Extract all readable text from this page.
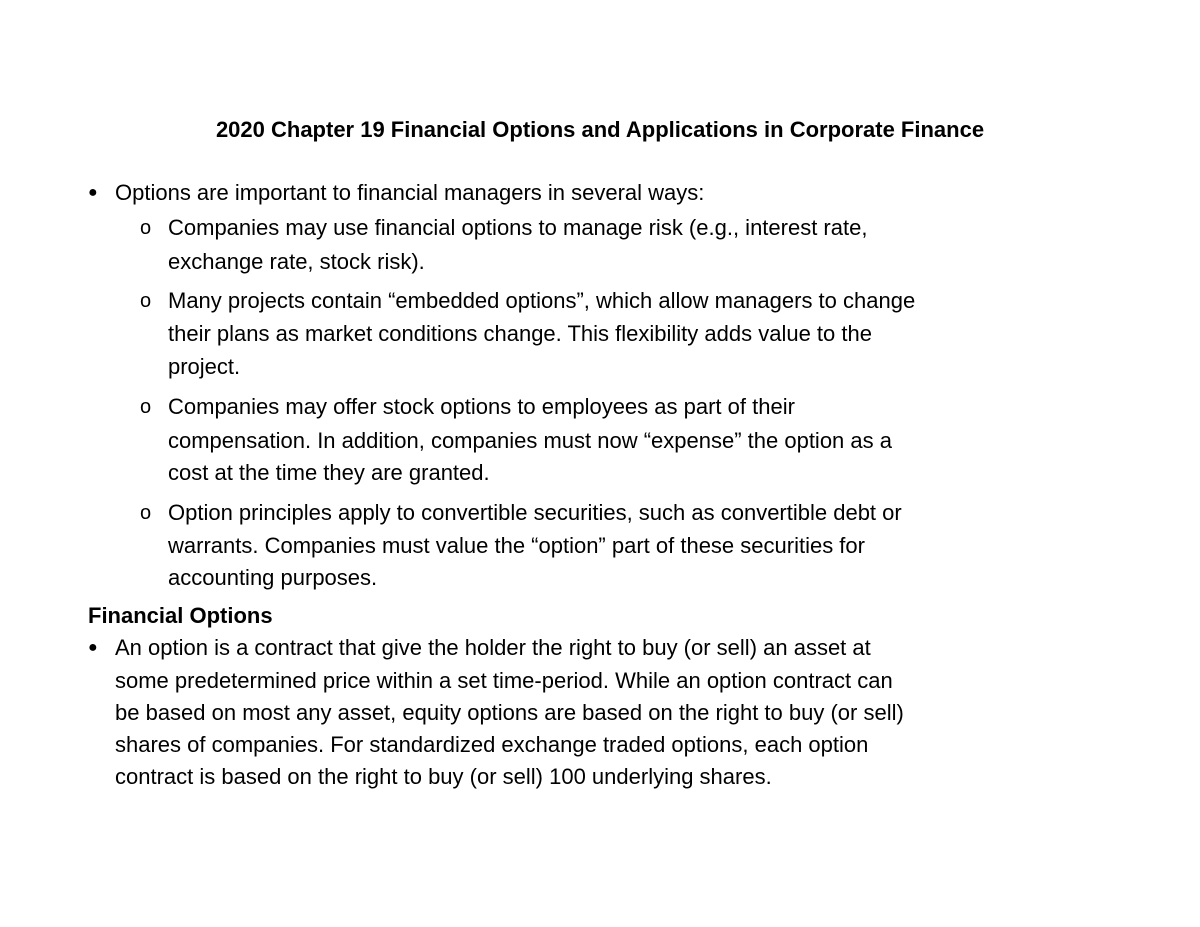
2020 Chapter 19 Financial Options and Applications in Corporate Finance
● Options are important to financial managers in several ways:
o Companies may use financial options to manage risk (e.g., interest rate,
exchange rate, stock risk).
o Many projects contain “embedded options”, which allow managers to change
their plans as market conditions change. This flexibility adds value to the
project.
o Companies may offer stock options to employees as part of their
compensation. In addition, companies must now “expense” the option as a
cost at the time they are granted.
o Option principles apply to convertible securities, such as convertible debt or
warrants. Companies must value the “option” part of these securities for
accounting purposes.
Financial Options
● An option is a contract that give the holder the right to buy (or sell) an asset at
some predetermined price within a set time-period. While an option contract can
be based on most any asset, equity options are based on the right to buy (or sell)
shares of companies. For standardized exchange traded options, each option
contract is based on the right to buy (or sell) 100 underlying shares.
